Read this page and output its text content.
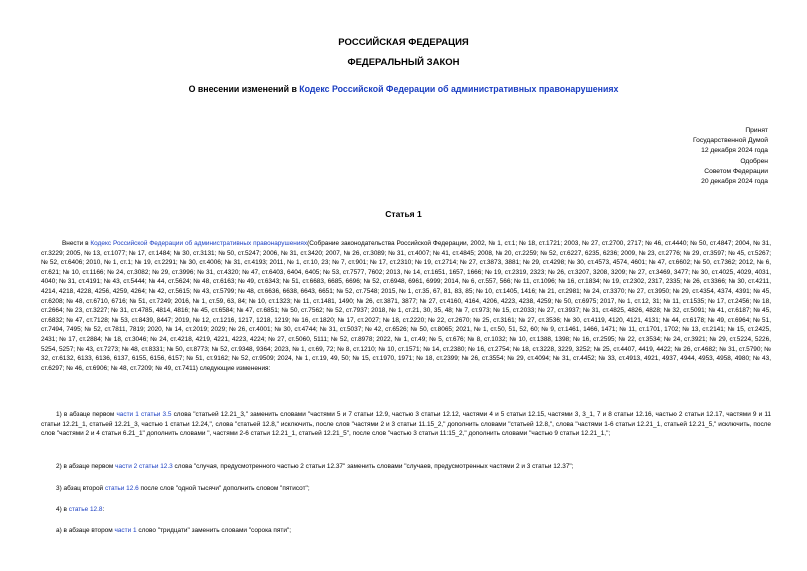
РОССИЙСКАЯ ФЕДЕРАЦИЯ
ФЕДЕРАЛЬНЫЙ ЗАКОН
О внесении изменений в Кодекс Российской Федерации об административных правонарушениях
Принят
Государственной Думой
12 декабря 2024 года
Одобрен
Советом Федерации
20 декабря 2024 года
Статья 1
Внести в Кодекс Российской Федерации об административных правонарушениях(Собрание законодательства Российской Федерации, 2002, № 1, ст.1; № 18, ст.1721; 2003, № 27, ст.2700, 2717; № 46, ст.4440; № 50, ст.4847; 2004, № 31, ст.3229; 2005, № 13, ст.1077; № 17, ст.1484; № 30, ст.3131; № 50, ст.5247; 2006, № 31, ст.3420; 2007, № 26, ст.3089; № 31, ст.4007; № 41, ст.4845; 2008, № 20, ст.2259; № 52, ст.6227, 6235, 6236; 2009, № 23, ст.2776; № 29, ст.3597; № 45, ст.5267; № 52, ст.6406; 2010, № 1, ст.1; № 19, ст.2291; № 30, ст.4006; № 31, ст.4193; 2011, № 1, ст.10, 23; № 7, ст.901; № 17, ст.2310; № 19, ст.2714; № 27, ст.3873, 3881; № 29, ст.4298; № 30, ст.4573, 4574, 4601; № 47, ст.6602; № 50, ст.7362; 2012, № 6, ст.621; № 10, ст.1166; № 24, ст.3082; № 29, ст.3996; № 31, ст.4320; № 47, ст.6403, 6404, 6405; № 53, ст.7577, 7602; 2013, № 14, ст.1651, 1657, 1666; № 19, ст.2319, 2323; № 26, ст.3207, 3208, 3209; № 27, ст.3469, 3477; № 30, ст.4025, 4029, 4031, 4040; № 31, ст.4191; № 43, ст.5444; № 44, ст.5624; № 48, ст.6163; № 49, ст.6343; № 51, ст.6683, 6685, 6696; № 52, ст.6948, 6961, 6999; 2014, № 6, ст.557, 566; № 11, ст.1096; № 16, ст.1834; № 19, ст.2302, 2317, 2335; № 26, ст.3366; № 30, ст.4211, 4214, 4218, 4228, 4256, 4259, 4264; № 42, ст.5615; № 43, ст.5799; № 48, ст.6636, 6638, 6643, 6651; № 52, ст.7548; 2015, № 1, ст.35, 67, 81, 83, 85; № 10, ст.1405, 1416; № 21, ст.2981; № 24, ст.3370; № 27, ст.3950; № 29, ст.4354, 4374, 4391; № 45, ст.6208; № 48, ст.6710, 6716; № 51, ст.7249; 2016, № 1, ст.59, 63, 84; № 10, ст.1323; № 11, ст.1481, 1490; № 26, ст.3871, 3877; № 27, ст.4160, 4164, 4206, 4223, 4238, 4259; № 50, ст.6975; 2017, № 1, ст.12, 31; № 11, ст.1535; № 17, ст.2456; № 18, ст.2664; № 23, ст.3227; № 31, ст.4785, 4814, 4816; № 45, ст.6584; № 47, ст.6851; № 50, ст.7562; № 52, ст.7937; 2018, № 1, ст.21, 30, 35, 48; № 7, ст.973; № 15, ст.2033; № 27, ст.3937; № 31, ст.4825, 4826, 4828; № 32, ст.5091; № 41, ст.6187; № 45, ст.6832; № 47, ст.7128; № 53, ст.8439, 8447; 2019, № 12, ст.1216, 1217, 1218, 1219; № 16, ст.1820; № 17, ст.2027; № 18, ст.2220; № 22, ст.2670; № 25, ст.3161; № 27, ст.3536; № 30, ст.4119, 4120, 4121, 4131; № 44, ст.6178; № 49, ст.6964; № 51, ст.7494, 7495; № 52, ст.7811, 7819; 2020, № 14, ст.2019; 2029; № 26, ст.4001; № 30, ст.4744; № 31, ст.5037; № 42, ст.6526; № 50, ст.8065; 2021, № 1, ст.50, 51, 52, 60; № 9, ст.1461, 1466, 1471; № 11, ст.1701, 1702; № 13, ст.2141; № 15, ст.2425, 2431; № 17, ст.2884; № 18, ст.3046; № 24, ст.4218, 4219, 4221, 4223, 4224; № 27, ст.5060, 5111; № 52, ст.8978; 2022, № 1, ст.49; № 5, ст.676; № 8, ст.1032; № 10, ст.1388, 1398; № 16, ст.2595; № 22, ст.3534; № 24, ст.3921; № 29, ст.5224, 5226, 5254, 5257; № 43, ст.7273; № 48, ст.8331; № 50, ст.8773; № 52, ст.9348, 9364; 2023, № 1, ст.69, 72; № 8, ст.1210; № 10, ст.1571; № 14, ст.2380; № 16, ст.2754; № 18, ст.3228, 3229, 3252; № 25, ст.4407, 4419, 4422; № 26, ст.4682; № 31, ст.5790; № 32, ст.6132, 6133, 6136, 6137, 6155, 6156, 6157; № 51, ст.9162; № 52, ст.9509; 2024, № 1, ст.19, 49, 50; № 15, ст.1970, 1971; № 18, ст.2399; № 26, ст.3554; № 29, ст.4094; № 31, ст.4452; № 33, ст.4913, 4921, 4937, 4944, 4953, 4958, 4980; № 43, ст.6297; № 46, ст.6906; № 48, ст.7209; № 49, ст.7411) следующие изменения:
1) в абзаце первом части 1 статьи 3.5 слова "статьей 12.21_3," заменить словами "частями 5 и 7 статьи 12.9, частью 3 статьи 12.12, частями 4 и 5 статьи 12.15, частями 3, 3_1, 7 и 8 статьи 12.16, частью 2 статьи 12.17, частями 9 и 11 статьи 12.21_1, статьей 12.21_3, частью 1 статьи 12.24,", слова "статьей 12.8," исключить, после слов "частями 2 и 3 статьи 11.15_2," дополнить словами "статьей 12.8,", слова "частями 1-6 статьи 12.21_1, статьей 12.21_5," исключить, после слов "частями 2 и 4 статьи 6.21_1" дополнить словами ", частями 2-6 статьи 12.21_1, статьей 12.21_5", после слов "частью 3 статьи 11:15_2," дополнить словами "частью 9 статьи 12.21_1,";
2) в абзаце первом части 2 статьи 12.3 слова "случая, предусмотренного частью 2 статьи 12.37" заменить словами "случаев, предусмотренных частями 2 и 3 статьи 12.37";
3) абзац второй статьи 12.6 после слов "одной тысячи" дополнить словом "пятисот";
4) в статье 12.8:
а) в абзаце втором части 1 слово "тридцати" заменить словами "сорока пяти";
